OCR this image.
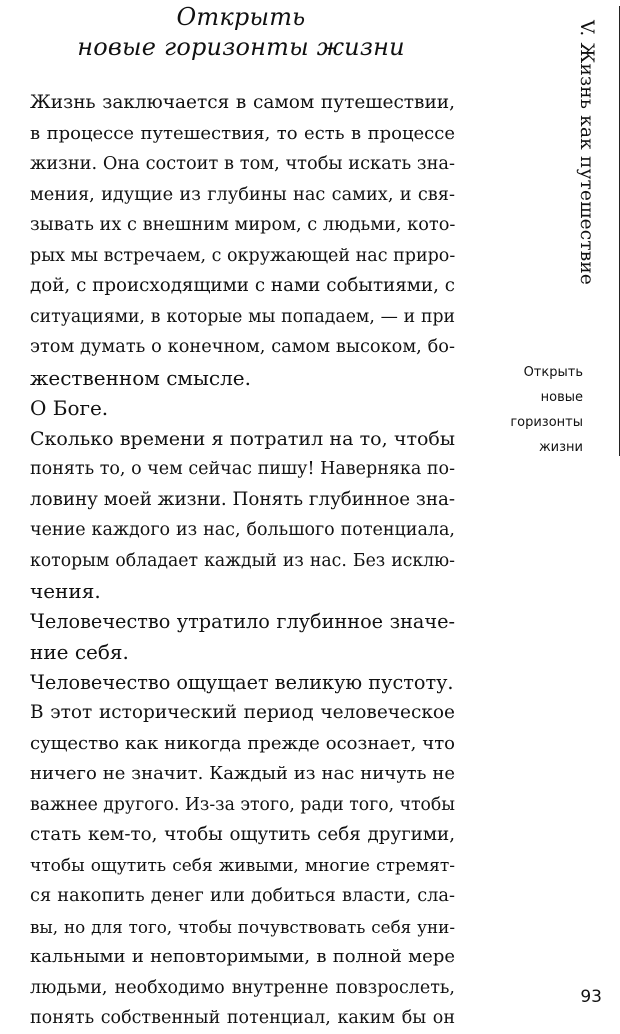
Открыть
новые горизонты жизни
Жизнь заключается в самом путешествии,
в процессе путешествия, то есть в процессе
жизни. Она состоит в том, чтобы искать зна-
мения, идущие из глубины нас самих, и свя-
зывать их с внешним миром, с людьми, кото-
рых мы встречаем, с окружающей нас приро-
дой, с происходящими с нами событиями, с
ситуациями, в которые мы попадаем, — и при
этом думать о конечном, самом высоком, бо-
жественном смысле.
О Боге.
Сколько времени я потратил на то, чтобы
понять то, о чем сейчас пишу! Наверняка по-
ловину моей жизни. Понять глубинное зна-
чение каждого из нас, большого потенциала,
которым обладает каждый из нас. Без исклю-
чения.
Человечество утратило глубинное значе-
ние себя.
Человечество ощущает великую пустоту.
В этот исторический период человеческое
существо как никогда прежде осознает, что
ничего не значит. Каждый из нас ничуть не
важнее другого. Из-за этого, ради того, чтобы
стать кем-то, чтобы ощутить себя другими,
чтобы ощутить себя живыми, многие стремят-
ся накопить денег или добиться власти, сла-
вы, но для того, чтобы почувствовать себя уни-
кальными и неповторимыми, в полной мере
людьми, необходимо внутренне повзрослеть,
понять собственный потенциал, каким бы он
V. Жизнь как путешествие
Открыть
новые
горизонты
жизни
93
